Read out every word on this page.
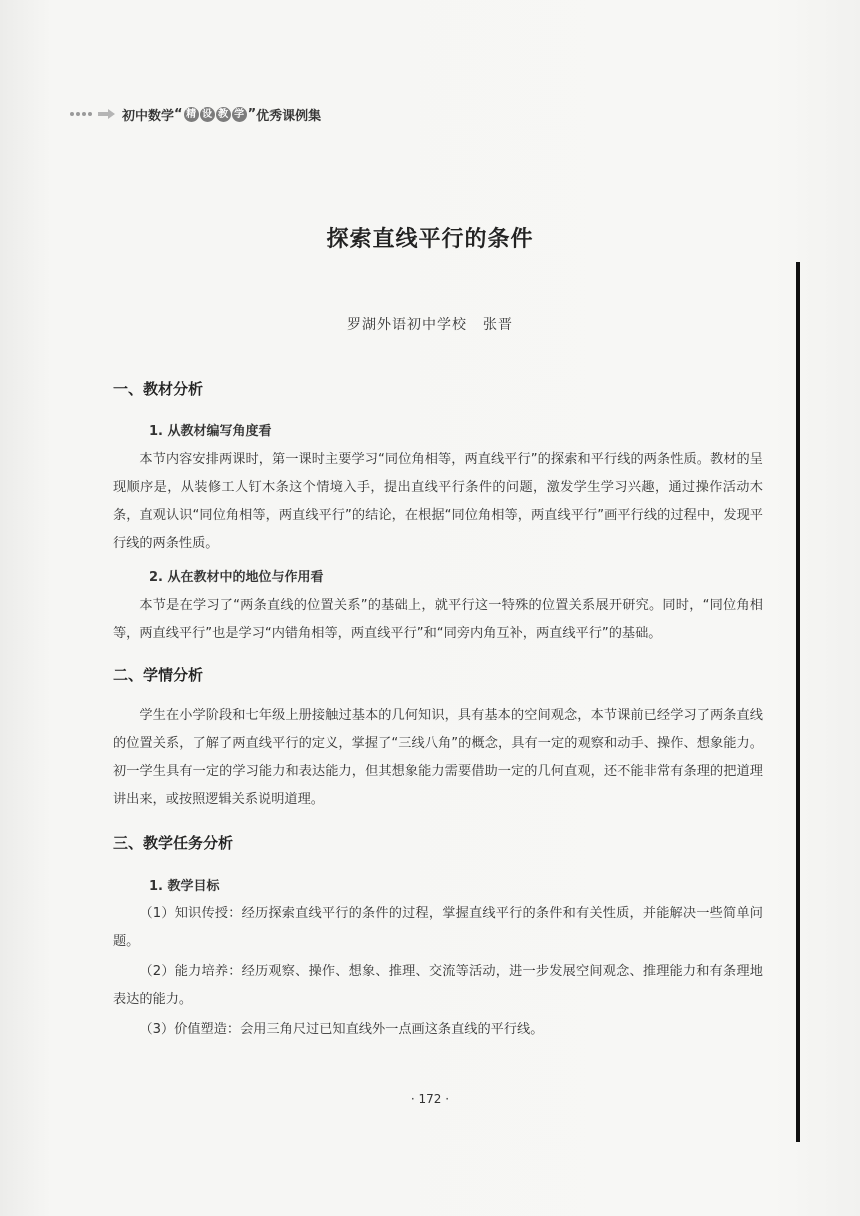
初中数学 “ 精 设 教 学 ” 优秀课例集
探索直线平行的条件
罗湖外语初中学校 张晋
一、教材分析
1. 从教材编写角度看
本节内容安排两课时，第一课时主要学习“同位角相等，两直线平行”的探索和平行线的两条性质。教材的呈现顺序是，从装修工人钉木条这个情境入手，提出直线平行条件的问题，激发学生学习兴趣，通过操作活动木条，直观认识“同位角相等，两直线平行”的结论，在根据“同位角相等，两直线平行”画平行线的过程中，发现平行线的两条性质。
2. 从在教材中的地位与作用看
本节是在学习了“两条直线的位置关系”的基础上，就平行这一特殊的位置关系展开研究。同时，“同位角相等，两直线平行”也是学习“内错角相等，两直线平行”和“同旁内角互补，两直线平行”的基础。
二、学情分析
学生在小学阶段和七年级上册接触过基本的几何知识，具有基本的空间观念，本节课前已经学习了两条直线的位置关系，了解了两直线平行的定义，掌握了“三线八角”的概念，具有一定的观察和动手、操作、想象能力。初一学生具有一定的学习能力和表达能力，但其想象能力需要借助一定的几何直观，还不能非常有条理的把道理讲出来，或按照逻辑关系说明道理。
三、教学任务分析
1. 教学目标
（1）知识传授：经历探索直线平行的条件的过程，掌握直线平行的条件和有关性质，并能解决一些简单问题。
（2）能力培养：经历观察、操作、想象、推理、交流等活动，进一步发展空间观念、推理能力和有条理地表达的能力。
（3）价值塑造：会用三角尺过已知直线外一点画这条直线的平行线。
· 172 ·
